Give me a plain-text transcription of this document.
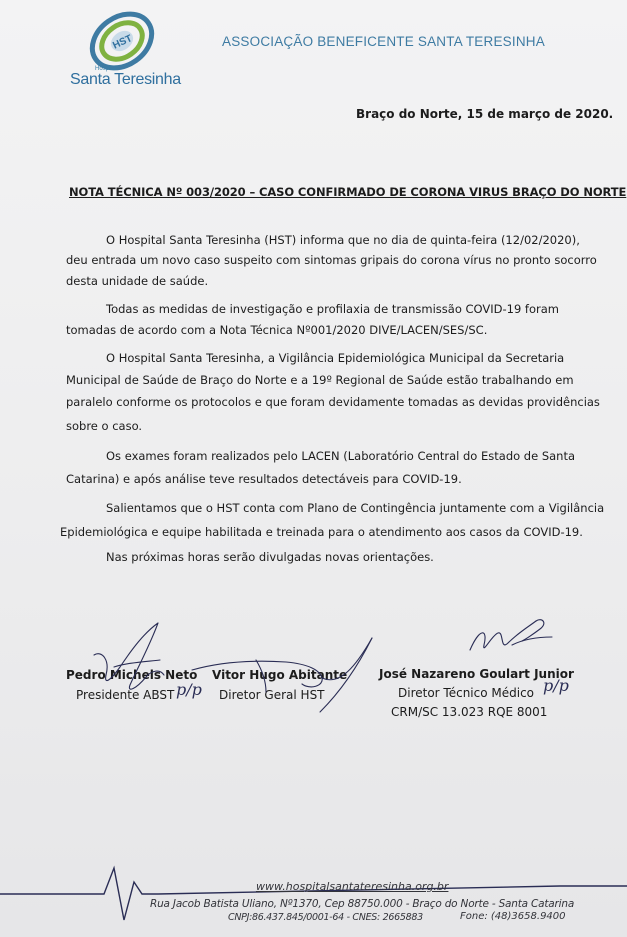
HST
Hospital
Santa Teresinha
ASSOCIAÇÃO BENEFICENTE SANTA TERESINHA
Braço do Norte, 15 de março de 2020.
NOTA TÉCNICA Nº 003/2020 – CASO CONFIRMADO DE CORONA VIRUS BRAÇO DO NORTE
O Hospital Santa Teresinha (HST) informa que no dia de quinta-feira (12/02/2020),
deu entrada um novo caso suspeito com sintomas gripais do corona vírus no pronto socorro
desta unidade de saúde.
Todas as medidas de investigação e profilaxia de transmissão COVID-19 foram
tomadas de acordo com a Nota Técnica Nº001/2020 DIVE/LACEN/SES/SC.
O Hospital Santa Teresinha, a Vigilância Epidemiológica Municipal da Secretaria
Municipal de Saúde de Braço do Norte e a 19º Regional de Saúde estão trabalhando em
paralelo conforme os protocolos e que foram devidamente tomadas as devidas providências
sobre o caso.
Os exames foram realizados pelo LACEN (Laboratório Central do Estado de Santa
Catarina) e após análise teve resultados detectáveis para COVID-19.
Salientamos que o HST conta com Plano de Contingência juntamente com a Vigilância
Epidemiológica e equipe habilitada e treinada para o atendimento aos casos da COVID-19.
Nas próximas horas serão divulgadas novas orientações.
Pedro Michels Neto
Presidente ABST p/p
Vitor Hugo Abitante
Diretor Geral HST
José Nazareno Goulart Junior
Diretor Técnico Médico
CRM/SC 13.023 RQE 8001
p/p
www.hospitalsantateresinha.org.br
Rua Jacob Batista Uliano, Nº1370, Cep 88750.000 - Braço do Norte - Santa Catarina
CNPJ:86.437.845/0001-64 - CNES: 2665883	Fone: (48)3658.9400
